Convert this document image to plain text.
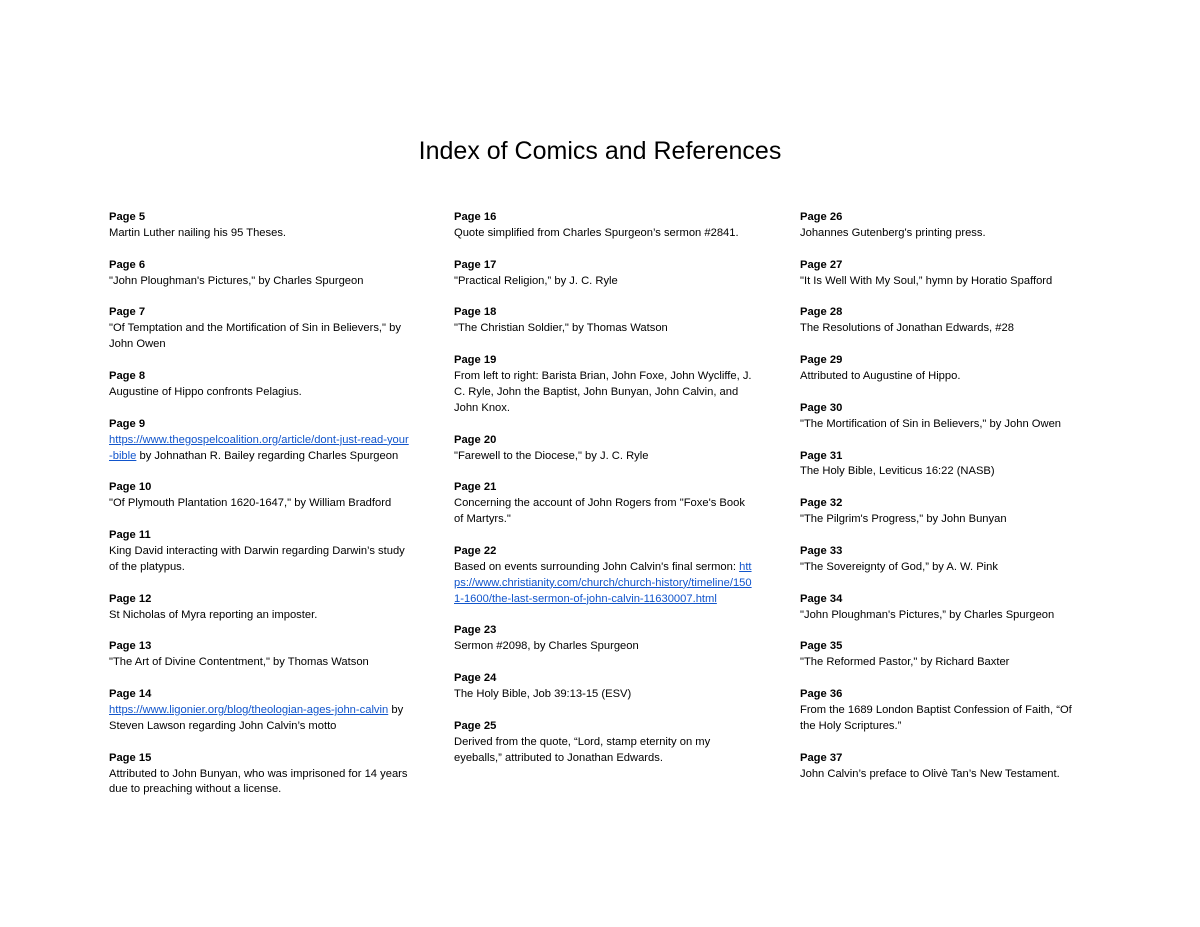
Index of Comics and References
Page 5
Martin Luther nailing his 95 Theses.
Page 6
"John Ploughman's Pictures," by Charles Spurgeon
Page 7
"Of Temptation and the Mortification of Sin in Believers," by John Owen
Page 8
Augustine of Hippo confronts Pelagius.
Page 9
https://www.thegospelcoalition.org/article/dont-just-read-your-bible by Johnathan R. Bailey regarding Charles Spurgeon
Page 10
"Of Plymouth Plantation 1620-1647," by William Bradford
Page 11
King David interacting with Darwin regarding Darwin’s study of the platypus.
Page 12
St Nicholas of Myra reporting an imposter.
Page 13
"The Art of Divine Contentment," by Thomas Watson
Page 14
https://www.ligonier.org/blog/theologian-ages-john-calvin by Steven Lawson regarding John Calvin’s motto
Page 15
Attributed to John Bunyan, who was imprisoned for 14 years due to preaching without a license.
Page 16
Quote simplified from Charles Spurgeon’s sermon #2841.
Page 17
"Practical Religion,” by J. C. Ryle
Page 18
"The Christian Soldier," by Thomas Watson
Page 19
From left to right: Barista Brian, John Foxe, John Wycliffe, J. C. Ryle, John the Baptist, John Bunyan, John Calvin, and John Knox.
Page 20
"Farewell to the Diocese," by J. C. Ryle
Page 21
Concerning the account of John Rogers from "Foxe's Book of Martyrs."
Page 22
Based on events surrounding John Calvin's final sermon: https://www.christianity.com/church/church-history/timeline/1501-1600/the-last-sermon-of-john-calvin-11630007.html
Page 23
Sermon #2098, by Charles Spurgeon
Page 24
The Holy Bible, Job 39:13-15 (ESV)
Page 25
Derived from the quote, “Lord, stamp eternity on my eyeballs,” attributed to Jonathan Edwards.
Page 26
Johannes Gutenberg's printing press.
Page 27
"It Is Well With My Soul,” hymn by Horatio Spafford
Page 28
The Resolutions of Jonathan Edwards, #28
Page 29
Attributed to Augustine of Hippo.
Page 30
"The Mortification of Sin in Believers," by John Owen
Page 31
The Holy Bible, Leviticus 16:22 (NASB)
Page 32
"The Pilgrim's Progress," by John Bunyan
Page 33
"The Sovereignty of God,” by A. W. Pink
Page 34
"John Ploughman's Pictures,” by Charles Spurgeon
Page 35
"The Reformed Pastor," by Richard Baxter
Page 36
From the 1689 London Baptist Confession of Faith, “Of the Holy Scriptures.”
Page 37
John Calvin’s preface to Olivè Tan’s New Testament.
